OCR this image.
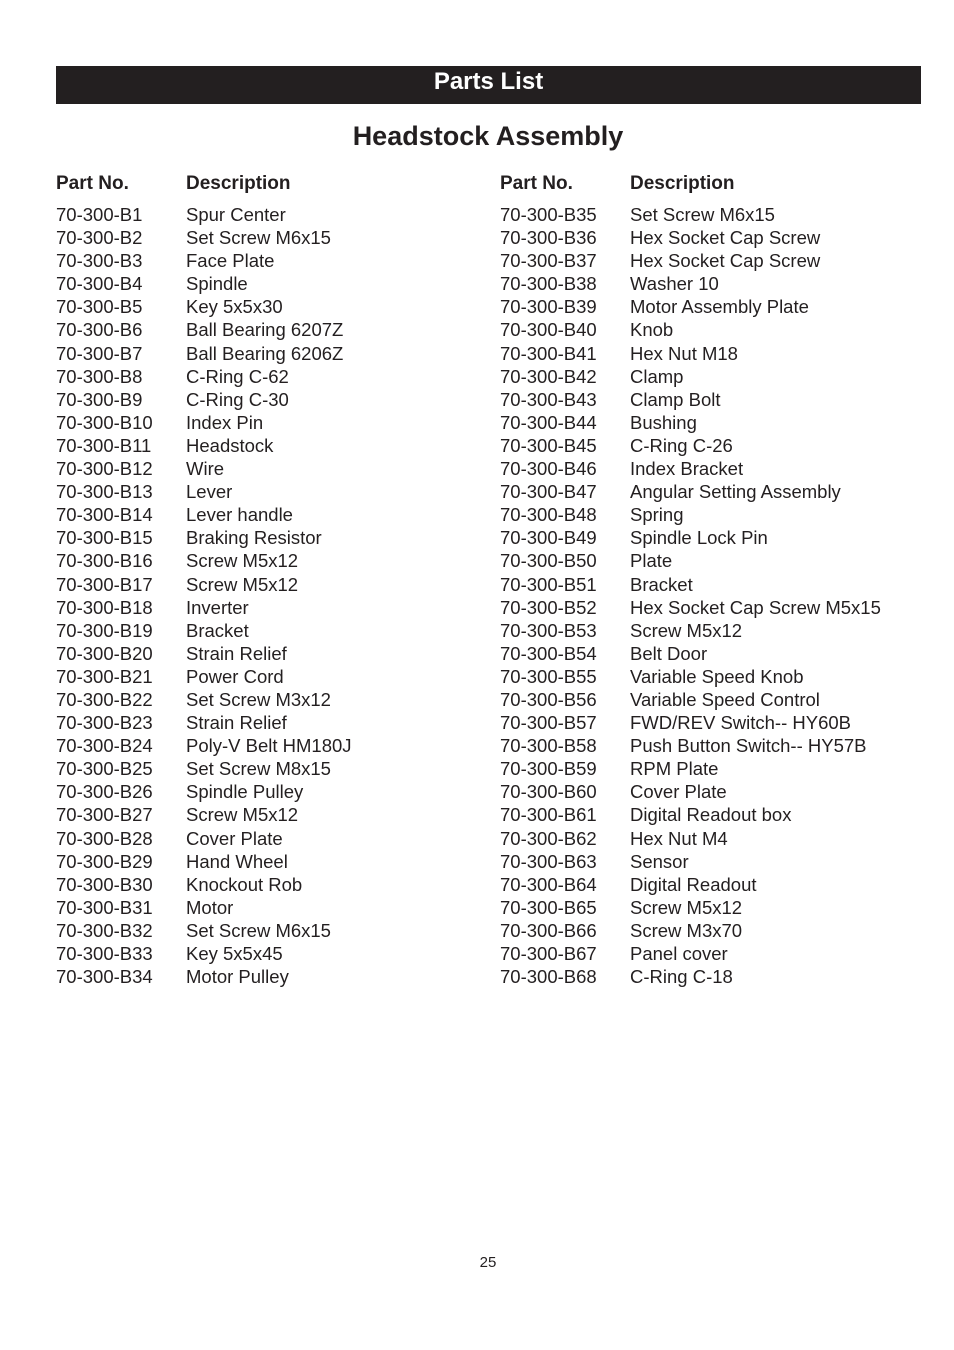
Parts List
Headstock Assembly
Part No.	Description
70-300-B1	Spur Center
70-300-B2	Set Screw M6x15
70-300-B3	Face Plate
70-300-B4	Spindle
70-300-B5	Key 5x5x30
70-300-B6	Ball Bearing 6207Z
70-300-B7	Ball Bearing 6206Z
70-300-B8	C-Ring C-62
70-300-B9	C-Ring C-30
70-300-B10	Index Pin
70-300-B11	Headstock
70-300-B12	Wire
70-300-B13	Lever
70-300-B14	Lever handle
70-300-B15	Braking Resistor
70-300-B16	Screw M5x12
70-300-B17	Screw M5x12
70-300-B18	Inverter
70-300-B19	Bracket
70-300-B20	Strain Relief
70-300-B21	Power Cord
70-300-B22	Set Screw M3x12
70-300-B23	Strain Relief
70-300-B24	Poly-V Belt HM180J
70-300-B25	Set Screw M8x15
70-300-B26	Spindle Pulley
70-300-B27	Screw M5x12
70-300-B28	Cover Plate
70-300-B29	Hand Wheel
70-300-B30	Knockout Rob
70-300-B31	Motor
70-300-B32	Set Screw M6x15
70-300-B33	Key 5x5x45
70-300-B34	Motor Pulley
Part No.	Description
70-300-B35	Set Screw M6x15
70-300-B36	Hex Socket Cap Screw
70-300-B37	Hex Socket Cap Screw
70-300-B38	Washer 10
70-300-B39	Motor Assembly Plate
70-300-B40	Knob
70-300-B41	Hex Nut M18
70-300-B42	Clamp
70-300-B43	Clamp Bolt
70-300-B44	Bushing
70-300-B45	C-Ring C-26
70-300-B46	Index Bracket
70-300-B47	Angular Setting Assembly
70-300-B48	Spring
70-300-B49	Spindle Lock Pin
70-300-B50	Plate
70-300-B51	Bracket
70-300-B52	Hex Socket Cap Screw M5x15
70-300-B53	Screw M5x12
70-300-B54	Belt Door
70-300-B55	Variable Speed Knob
70-300-B56	Variable Speed Control
70-300-B57	FWD/REV Switch-- HY60B
70-300-B58	Push Button Switch-- HY57B
70-300-B59	RPM Plate
70-300-B60	Cover Plate
70-300-B61	Digital Readout box
70-300-B62	Hex Nut M4
70-300-B63	Sensor
70-300-B64	Digital Readout
70-300-B65	Screw M5x12
70-300-B66	Screw M3x70
70-300-B67	Panel cover
70-300-B68	C-Ring C-18
25
